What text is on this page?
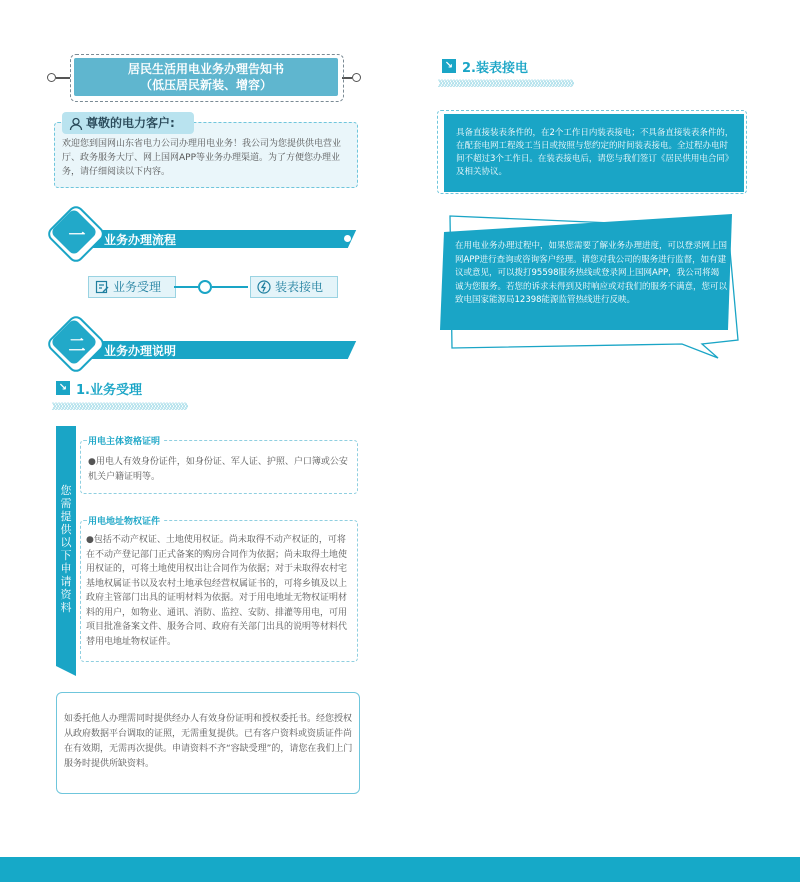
居民生活用电业务办理告知书
（低压居民新装、增容）
尊敬的电力客户:
欢迎您到国网山东省电力公司办理用电业务！我公司为您提供供电营业厅、政务服务大厅、网上国网APP等业务办理渠道。为了方便您办理业务，请仔细阅读以下内容。
一	业务办理流程
业务受理	装表接电
二	业务办理说明
↘ 1.业务受理
》》》》》》》》》》》》》》》》》》》》》》》》》》》》》》》》》》》》》》》》》》》》》
您需提供以下申请资料
用电主体资格证明
●用电人有效身份证件，如身份证、军人证、护照、户口簿或公安机关户籍证明等。
用电地址物权证件
●包括不动产权证、土地使用权证。尚未取得不动产权证的，可将在不动产登记部门正式备案的购房合同作为依据；尚未取得土地使用权证的，可将土地使用权出让合同作为依据；对于未取得农村宅基地权属证书以及农村土地承包经营权属证书的，可将乡镇及以上政府主管部门出具的证明材料为依据。对于用电地址无物权证明材料的用户，如物业、通讯、消防、监控、安防、排灌等用电，可用项目批准备案文件、服务合同、政府有关部门出具的说明等材料代替用电地址物权证件。
如委托他人办理需同时提供经办人有效身份证明和授权委托书。经您授权从政府数据平台调取的证照，无需重复提供。已有客户资料或资质证件尚在有效期，无需再次提供。申请资料不齐“容缺受理”的，请您在我们上门服务时提供所缺资料。
↘ 2.装表接电
》》》》》》》》》》》》》》》》》》》》》》》》》》》》》》》》》》》》》》》》》》》》》
具备直接装表条件的，在2个工作日内装表接电；不具备直接装表条件的，在配套电网工程竣工当日或按照与您约定的时间装表接电。全过程办电时间不超过3个工作日。在装表接电后，请您与我们签订《居民供用电合同》及相关协议。
在用电业务办理过程中，如果您需要了解业务办理进度，可以登录网上国网APP进行查询或咨询客户经理。请您对我公司的服务进行监督，如有建议或意见，可以拨打95598服务热线或登录网上国网APP，我公司将竭诚为您服务。若您的诉求未得到及时响应或对我们的服务不满意，您可以致电国家能源局12398能源监管热线进行反映。
